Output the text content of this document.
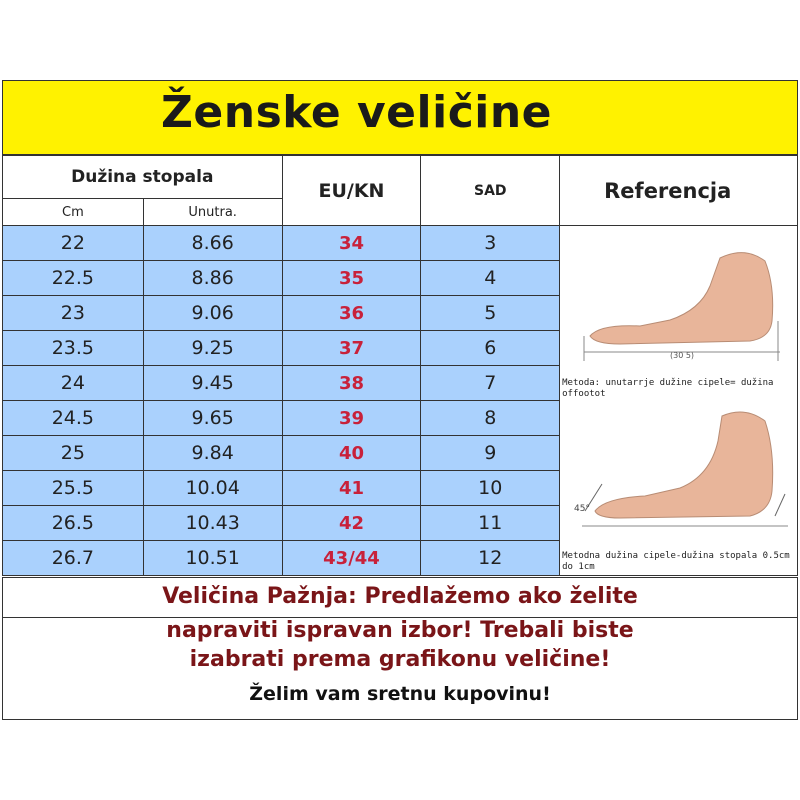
Ženske veličine
Dužina stopala		EU/KN	SAD	Referencja
Cm	Unutra.			
22	8.66	34	3	(30 5)
45°
Metoda: unutarrje dužine cipele= dužina offootot
Metodna dužina cipele-dužina stopala 0.5cm do 1cm

22.5	8.86	35	4	
23	9.06	36	5	
23.5	9.25	37	6	
24	9.45	38	7	
24.5	9.65	39	8	
25	9.84	40	9	
25.5	10.04	41	10	
26.5	10.43	42	11	
26.7	10.51	43/44	12	
Veličina Pažnja: Predlažemo ako želite
napraviti ispravan izbor! Trebali biste
izabrati prema grafikonu veličine!
Želim vam sretnu kupovinu!
